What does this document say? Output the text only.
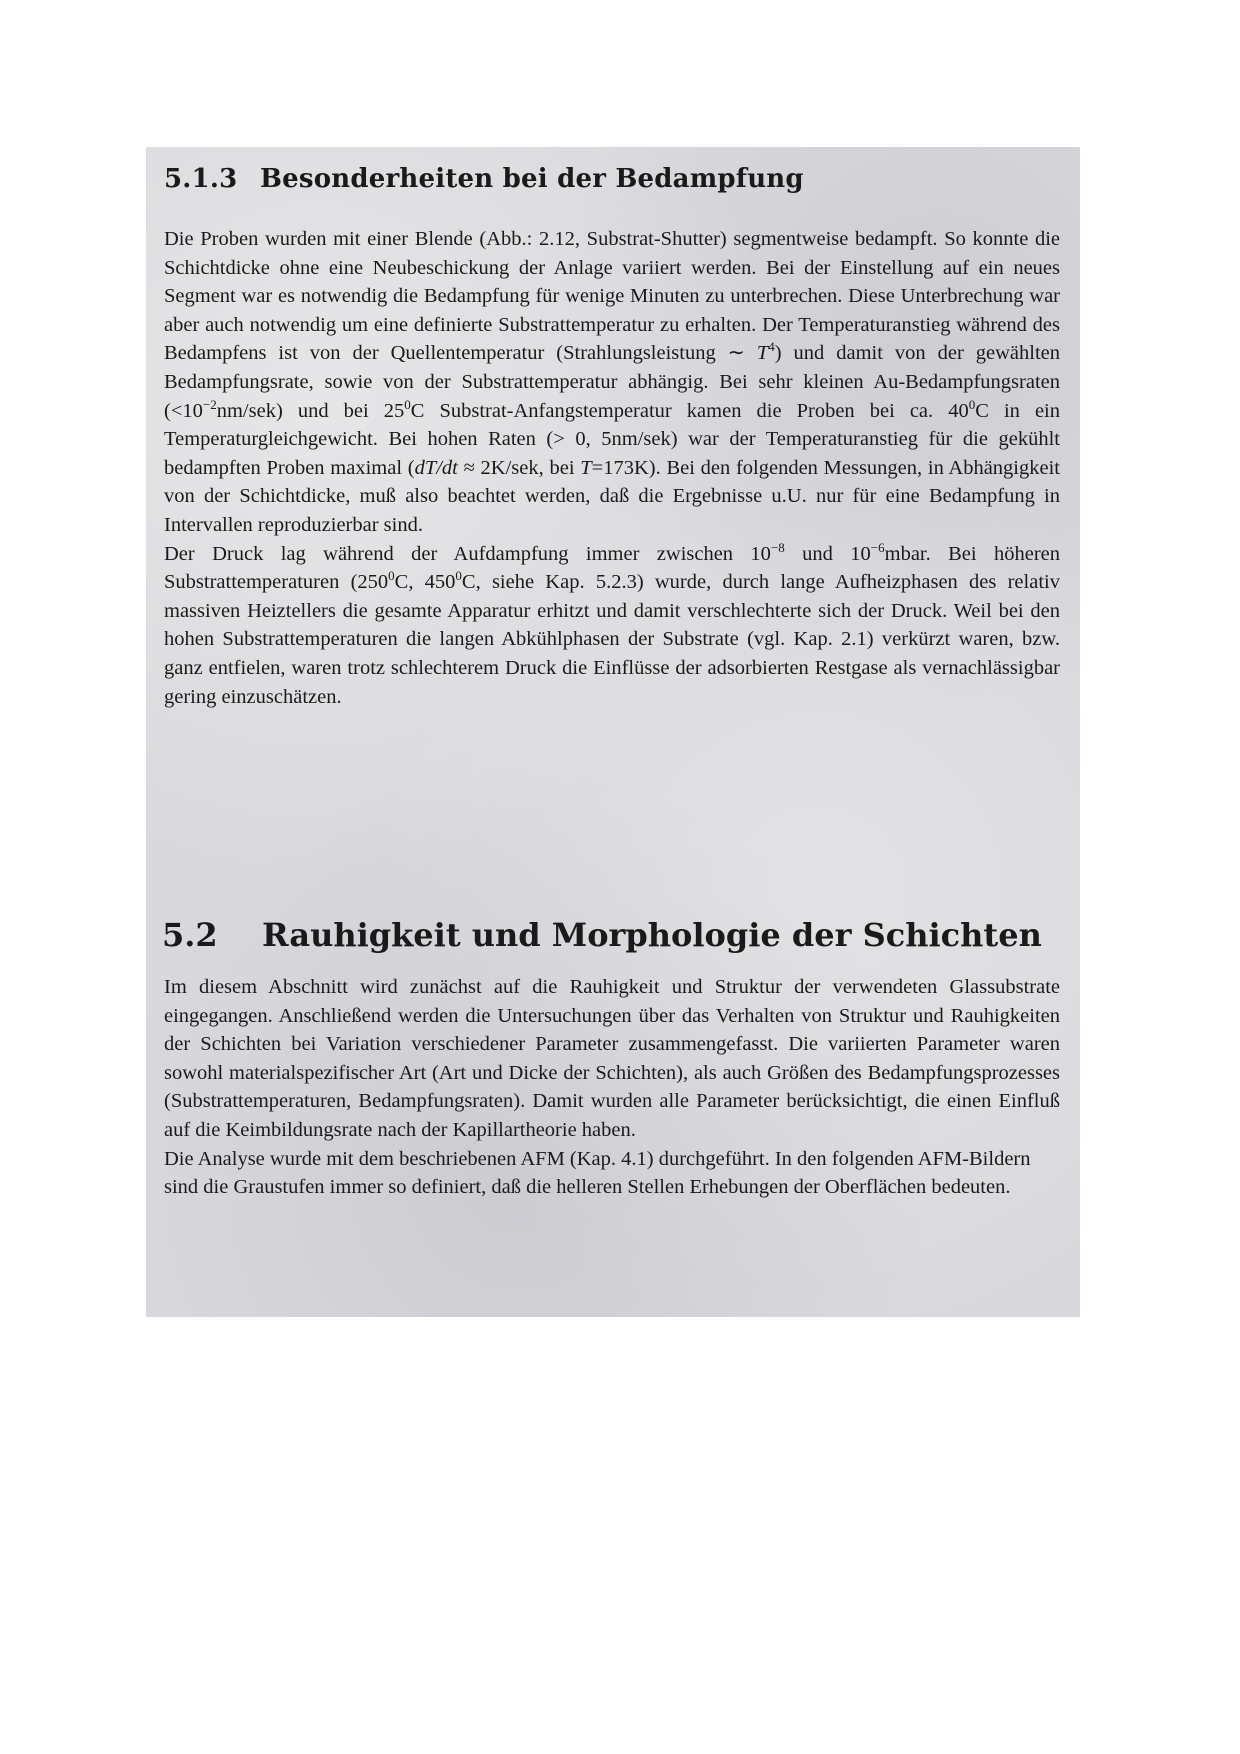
5.1.3 Besonderheiten bei der Bedampfung

Die Proben wurden mit einer Blende (Abb.: 2.12, Substrat-Shutter) segmentweise bedampft. So konnte die Schichtdicke ohne eine Neubeschickung der Anlage variiert werden. Bei der Einstellung auf ein neues Segment war es notwendig die Bedampfung für wenige Minuten zu unterbrechen. Diese Unterbrechung war aber auch notwendig um eine definierte Substrattemperatur zu erhalten. Der Temperaturanstieg während des Bedampfens ist von der Quellentemperatur (Strahlungsleistung ∼ $T^4$) und damit von der gewählten Bedampfungsrate, sowie von der Substrattemperatur abhängig. Bei sehr kleinen Au-Bedampfungsraten $(<10^{-2}nm/sek)$ und bei $25^0C$ Substrat-Anfangstemperatur kamen die Proben bei ca. $40^0C$ in ein Temperaturgleichgewicht. Bei hohen Raten (> 0, 5nm/sek) war der Temperaturanstieg für die gekühlt bedampften Proben maximal (dT/dt ≈ 2K/sek, bei T=173K). Bei den folgenden Messungen, in Abhängigkeit von der Schichtdicke, muß also beachtet werden, daß die Ergebnisse u.U. nur für eine Bedampfung in Intervallen reproduzierbar sind.

Der Druck lag während der Aufdampfung immer zwischen $10^{-8}$ und $10^{-6}mbar$. Bei höheren Substrattemperaturen ($250^0C$, $450^0C$, siehe Kap. 5.2.3) wurde, durch lange Aufheizphasen des relativ massiven Heiztellers die gesamte Apparatur erhitzt und damit verschlechterte sich der Druck. Weil bei den hohen Substrattemperaturen die langen Abkühlphasen der Substrate (vgl. Kap. 2.1) verkürzt waren, bzw. ganz entfielen, waren trotz schlechterem Druck die Einflüsse der adsorbierten Restgase als vernachlässigbar gering einzuschätzen.

5.2 Rauhigkeit und Morphologie der Schichten

Im diesem Abschnitt wird zunächst auf die Rauhigkeit und Struktur der verwendeten Glassubstrate eingegangen. Anschließend werden die Untersuchungen über das Verhalten von Struktur und Rauhigkeiten der Schichten bei Variation verschiedener Parameter zusammengefasst. Die variierten Parameter waren sowohl materialspezifischer Art (Art und Dicke der Schichten), als auch Größen des Bedampfungsprozesses (Substrattemperaturen, Bedampfungsraten). Damit wurden alle Parameter berücksichtigt, die einen Einfluß auf die Keimbildungsrate nach der Kapillartheorie haben.

Die Analyse wurde mit dem beschriebenen AFM (Kap. 4.1) durchgeführt. In den folgenden AFM-Bildern sind die Graustufen immer so definiert, daß die helleren Stellen Erhebungen der Oberflächen bedeuten.
